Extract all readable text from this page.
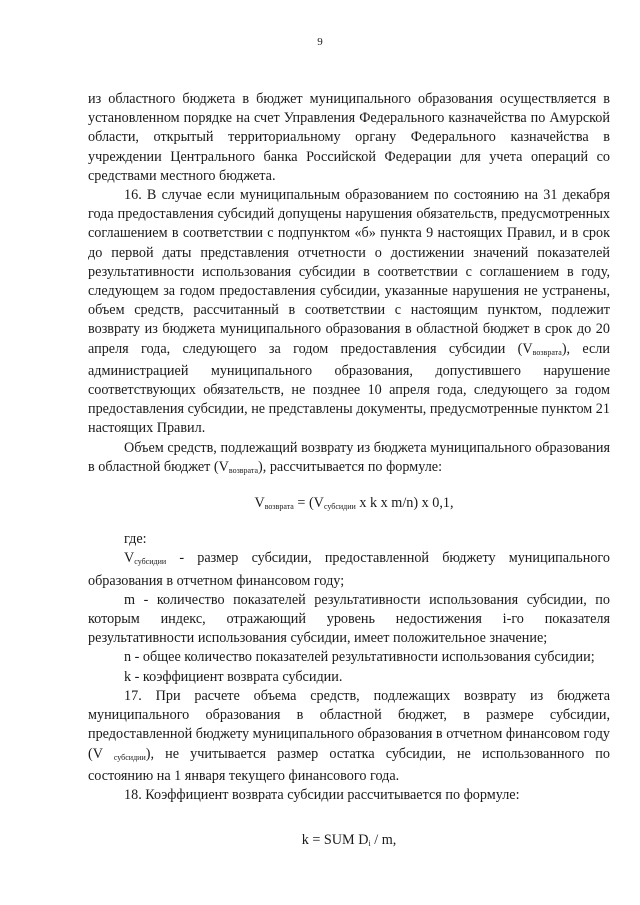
9

из областного бюджета в бюджет муниципального образования осуществляется в установленном порядке на счет Управления Федерального казначейства по Амурской области, открытый территориальному органу Федерального казначейства в учреждении Центрального банка Российской Федерации для учета операций со средствами местного бюджета.

16. В случае если муниципальным образованием по состоянию на 31 декабря года предоставления субсидий допущены нарушения обязательств, предусмотренных соглашением в соответствии с подпунктом «б» пункта 9 настоящих Правил, и в срок до первой даты представления отчетности о достижении значений показателей результативности использования субсидии в соответствии с соглашением в году, следующем за годом предоставления субсидии, указанные нарушения не устранены, объем средств, рассчитанный в соответствии с настоящим пунктом, подлежит возврату из бюджета муниципального образования в областной бюджет в срок до 20 апреля года, следующего за годом предоставления субсидии $(V_{возврата})$, если администрацией муниципального образования, допустившего нарушение соответствующих обязательств, не позднее 10 апреля года, следующего за годом предоставления субсидии, не представлены документы, предусмотренные пунктом 21 настоящих Правил.

Объем средств, подлежащий возврату из бюджета муниципального образования в областной бюджет $(V_{возврата})$, рассчитывается по формуле:

$V_{возврата} = (V_{субсидии}$ x k x m/n) x 0,1,

где:

$V_{субсидии}$ - размер субсидии, предоставленной бюджету муниципального образования в отчетном финансовом году;

m - количество показателей результативности использования субсидии, по которым индекс, отражающий уровень недостижения i-го показателя результативности использования субсидии, имеет положительное значение;

n - общее количество показателей результативности использования субсидии;

k - коэффициент возврата субсидии.

17. При расчете объема средств, подлежащих возврату из бюджета муниципального образования в областной бюджет, в размере субсидии, предоставленной бюджету муниципального образования в отчетном финансовом году (V $_{субсидии}$), не учитывается размер остатка субсидии, не использованного по состоянию на 1 января текущего финансового года.

18. Коэффициент возврата субсидии рассчитывается по формуле:

k = SUM $D_i$ / m,
